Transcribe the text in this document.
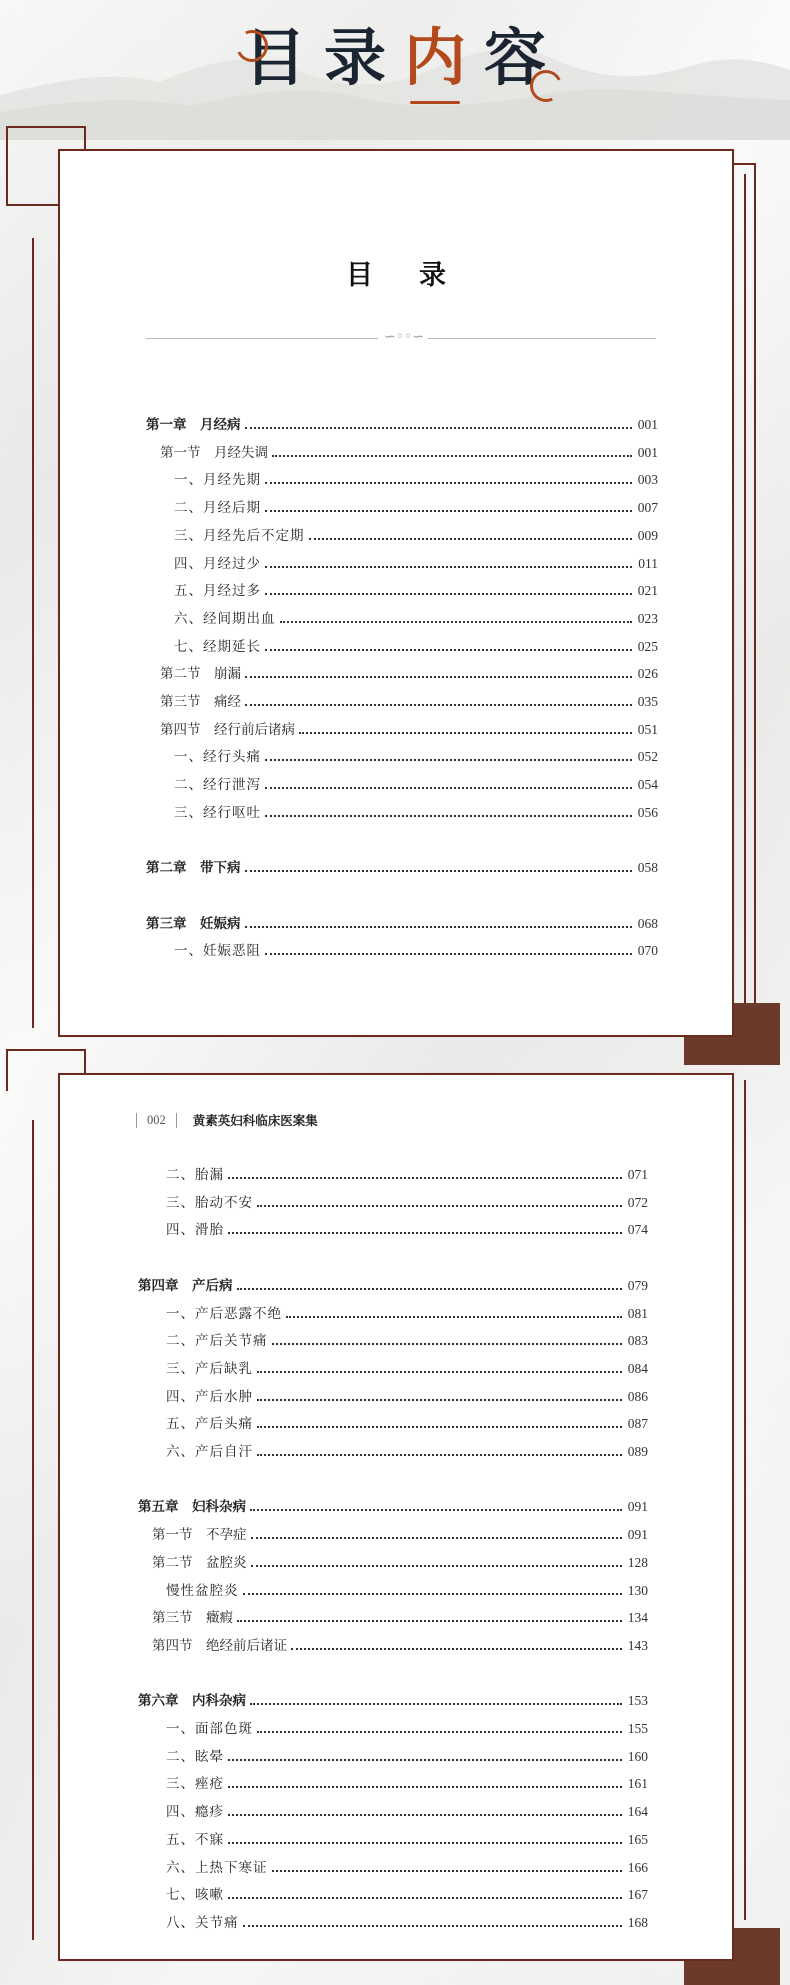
目 录 内 容
目录
∽◦◦∽
第一章　月经病	001
第一节　月经失调	001
一、月经先期	003
二、月经后期	007
三、月经先后不定期	009
四、月经过少	011
五、月经过多	021
六、经间期出血	023
七、经期延长	025
第二节　崩漏	026
第三节　痛经	035
第四节　经行前后诸病	051
一、经行头痛	052
二、经行泄泻	054
三、经行呕吐	056
第二章　带下病	058
第三章　妊娠病	068
一、妊娠恶阻	070
002	黄素英妇科临床医案集
二、胎漏	071
三、胎动不安	072
四、滑胎	074
第四章　产后病	079
一、产后恶露不绝	081
二、产后关节痛	083
三、产后缺乳	084
四、产后水肿	086
五、产后头痛	087
六、产后自汗	089
第五章　妇科杂病	091
第一节　不孕症	091
第二节　盆腔炎	128
慢性盆腔炎	130
第三节　癥瘕	134
第四节　绝经前后诸证	143
第六章　内科杂病	153
一、面部色斑	155
二、眩晕	160
三、痤疮	161
四、瘾疹	164
五、不寐	165
六、上热下寒证	166
七、咳嗽	167
八、关节痛	168
